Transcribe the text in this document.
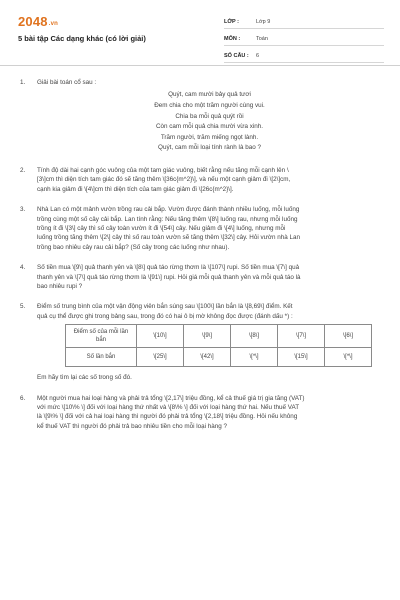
2048.vn
5 bài tập Các dạng khác (có lời giải)
LỚP :	Lớp 9
MÔN :	Toán
SỐ CÂU :	6
1. Giải bài toán cổ sau :
Quýt, cam mười bảy quả tươi
Đem chia cho một trăm người cùng vui.
Chia ba mỗi quả quýt rồi
Còn cam mỗi quả chia mười vừa xinh.
Trăm người, trăm miếng ngọt lành.
Quýt, cam mỗi loại tính rành là bao ?
2. Tính độ dài hai cạnh góc vuông của một tam giác vuông, biết rằng nếu tăng mỗi cạnh lên \
[3\]cm thì diện tích tam giác đó sẽ tăng thêm \[36c{m^2}\], và nếu một cạnh giảm đi \[2\]cm,
cạnh kia giảm đi \[4\]cm thì diện tích của tam giác giảm đi \[26c{m^2}\].
3. Nhà Lan có một mảnh vườn trồng rau cải bắp. Vườn được đánh thành nhiều luống, mỗi luống
trồng cùng một số cây cải bắp. Lan tính rằng: Nếu tăng thêm \[8\] luống rau, nhưng mỗi luống
trồng ít đi \[3\] cây thì số cây toàn vườn ít đi \[54\] cây. Nếu giảm đi \[4\] luống, nhưng mỗi
luống trồng tăng thêm \[2\] cây thì số rau toàn vườn sẽ tăng thêm \[32\] cây. Hỏi vườn nhà Lan
trồng bao nhiêu cây rau cải bắp? (Số cây trong các luống như nhau).
4. Số tiền mua \[9\] quả thanh yên và \[8\] quả táo rừng thơm là \[107\] rupi. Số tiền mua \[7\] quả
thanh yên và \[7\] quả táo rừng thơm là \[91\] rupi. Hỏi giá mỗi quả thanh yên và mỗi quả táo là
bao nhiêu rupi ?
5. Điểm số trung bình của một vận động viên bắn súng sau \[100\] lần bắn là \[8,69\] điểm. Kết
quả cụ thể được ghi trong bảng sau, trong đó có hai ô bị mờ không đọc được (đánh dấu *) :
Điểm số của mỗi lần bắn	\[10\]	\[9\]	\[8\]	\[7\]	\[6\]
Số lần bắn	\[25\]	\[42\]	\[*\]	\[15\]	\[*\]
Em hãy tìm lại các số trong số đó.
6. Một người mua hai loại hàng và phải trả tổng \[2,17\] triệu đồng, kể cả thuế giá trị gia tăng (VAT)
với mức \[10\% \] đối với loại hàng thứ nhất và \[8\% \] đối với loại hàng thứ hai. Nếu thuế VAT
là \[9\% \] đối với cả hai loại hàng thì người đó phải trả tổng \[2,18\] triệu đồng. Hỏi nếu không
kể thuế VAT thì người đó phải trả bao nhiêu tiền cho mỗi loại hàng ?
